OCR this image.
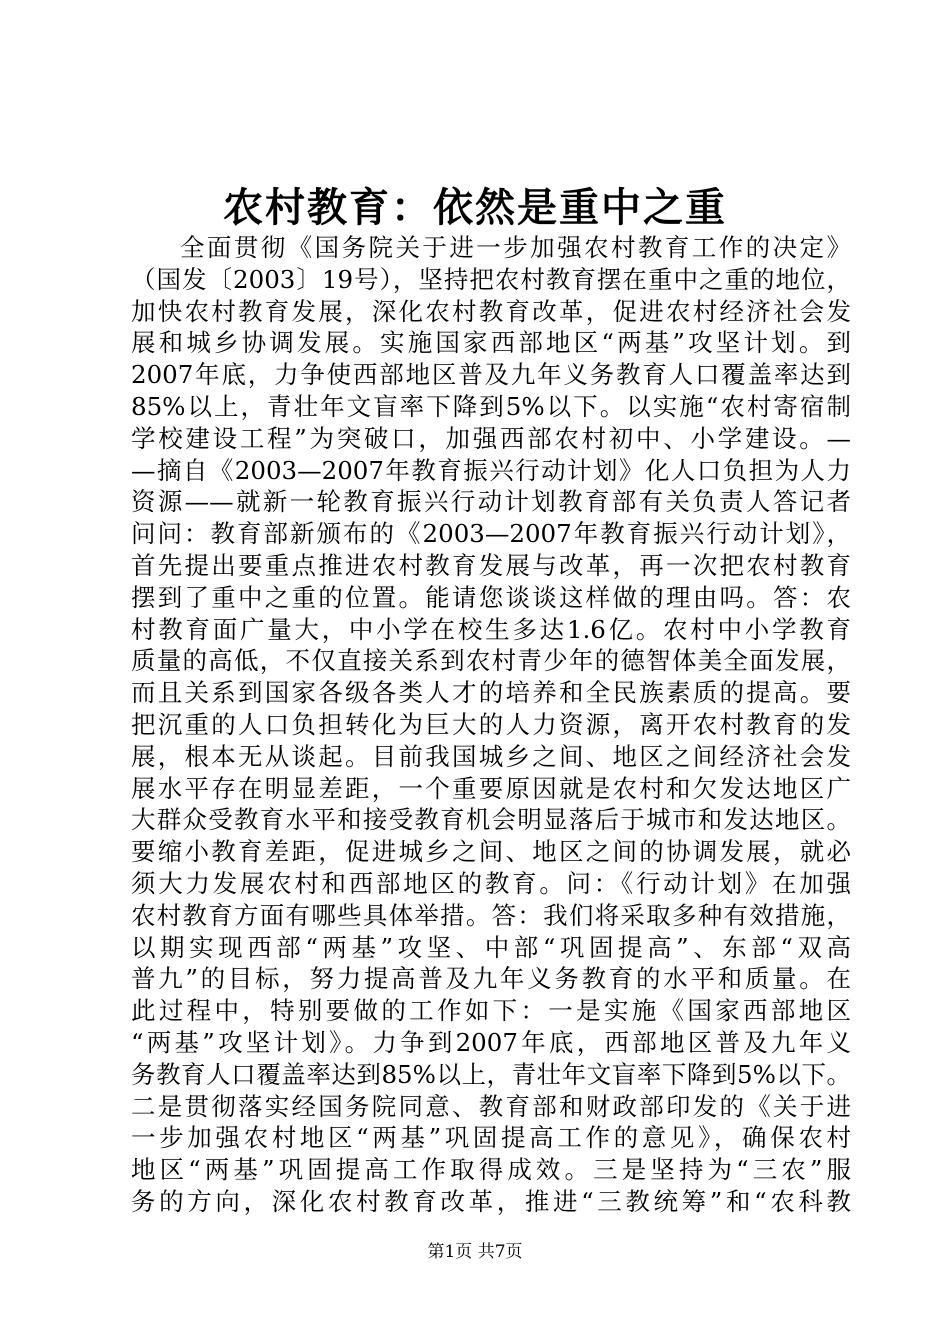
农村教育：依然是重中之重
全面贯彻《国务院关于进一步加强农村教育工作的决定》
（国发〔2003〕19号），坚持把农村教育摆在重中之重的地位，
加快农村教育发展，深化农村教育改革，促进农村经济社会发
展和城乡协调发展。实施国家西部地区“两基”攻坚计划。到
2007年底，力争使西部地区普及九年义务教育人口覆盖率达到
85%以上，青壮年文盲率下降到5%以下。以实施“农村寄宿制
学校建设工程”为突破口，加强西部农村初中、小学建设。—
—摘自《2003—2007年教育振兴行动计划》化人口负担为人力
资源——就新一轮教育振兴行动计划教育部有关负责人答记者
问问：教育部新颁布的《2003—2007年教育振兴行动计划》，
首先提出要重点推进农村教育发展与改革，再一次把农村教育
摆到了重中之重的位置。能请您谈谈这样做的理由吗。答：农
村教育面广量大，中小学在校生多达1.6亿。农村中小学教育
质量的高低，不仅直接关系到农村青少年的德智体美全面发展，
而且关系到国家各级各类人才的培养和全民族素质的提高。要
把沉重的人口负担转化为巨大的人力资源，离开农村教育的发
展，根本无从谈起。目前我国城乡之间、地区之间经济社会发
展水平存在明显差距，一个重要原因就是农村和欠发达地区广
大群众受教育水平和接受教育机会明显落后于城市和发达地区。
要缩小教育差距，促进城乡之间、地区之间的协调发展，就必
须大力发展农村和西部地区的教育。问：《行动计划》在加强
农村教育方面有哪些具体举措。答：我们将采取多种有效措施，
以期实现西部“两基”攻坚、中部“巩固提高”、东部“双高
普九”的目标，努力提高普及九年义务教育的水平和质量。在
此过程中，特别要做的工作如下：一是实施《国家西部地区
“两基”攻坚计划》。力争到2007年底，西部地区普及九年义
务教育人口覆盖率达到85%以上，青壮年文盲率下降到5%以下。
二是贯彻落实经国务院同意、教育部和财政部印发的《关于进
一步加强农村地区“两基”巩固提高工作的意见》，确保农村
地区“两基”巩固提高工作取得成效。三是坚持为“三农”服
务的方向，深化农村教育改革，推进“三教统筹”和“农科教
第1页 共7页
